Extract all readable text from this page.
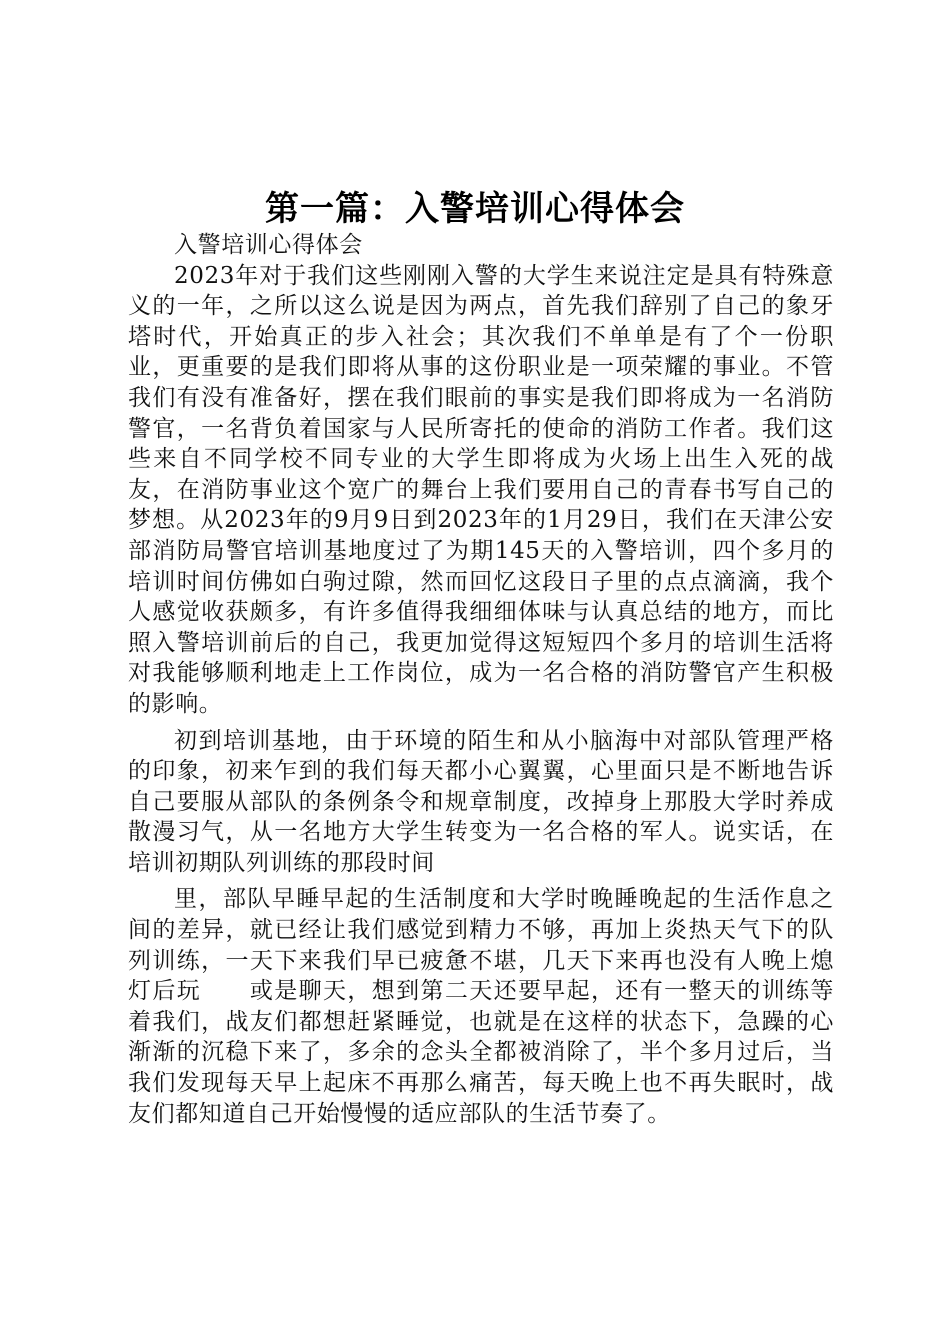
第一篇：入警培训心得体会

入警培训心得体会

2023年对于我们这些刚刚入警的大学生来说注定是具有特殊意义的一年，之所以这么说是因为两点，首先我们辞别了自己的象牙塔时代，开始真正的步入社会；其次我们不单单是有了个一份职业，更重要的是我们即将从事的这份职业是一项荣耀的事业。不管我们有没有准备好，摆在我们眼前的事实是我们即将成为一名消防警官，一名背负着国家与人民所寄托的使命的消防工作者。我们这些来自不同学校不同专业的大学生即将成为火场上出生入死的战友，在消防事业这个宽广的舞台上我们要用自己的青春书写自己的梦想。从2023年的9月9日到2023年的1月29日，我们在天津公安部消防局警官培训基地度过了为期145天的入警培训，四个多月的培训时间仿佛如白驹过隙，然而回忆这段日子里的点点滴滴，我个人感觉收获颇多，有许多值得我细细体味与认真总结的地方，而比照入警培训前后的自己，我更加觉得这短短四个多月的培训生活将对我能够顺利地走上工作岗位，成为一名合格的消防警官产生积极的影响。

初到培训基地，由于环境的陌生和从小脑海中对部队管理严格的印象，初来乍到的我们每天都小心翼翼，心里面只是不断地告诉自己要服从部队的条例条令和规章制度，改掉身上那股大学时养成散漫习气，从一名地方大学生转变为一名合格的军人。说实话，在培训初期队列训练的那段时间

里，部队早睡早起的生活制度和大学时晚睡晚起的生活作息之间的差异，就已经让我们感觉到精力不够，再加上炎热天气下的队列训练，一天下来我们早已疲惫不堪，几天下来再也没有人晚上熄灯后玩　　或是聊天，想到第二天还要早起，还有一整天的训练等着我们，战友们都想赶紧睡觉，也就是在这样的状态下，急躁的心渐渐的沉稳下来了，多余的念头全都被消除了，半个多月过后，当我们发现每天早上起床不再那么痛苦，每天晚上也不再失眠时，战友们都知道自己开始慢慢的适应部队的生活节奏了。
